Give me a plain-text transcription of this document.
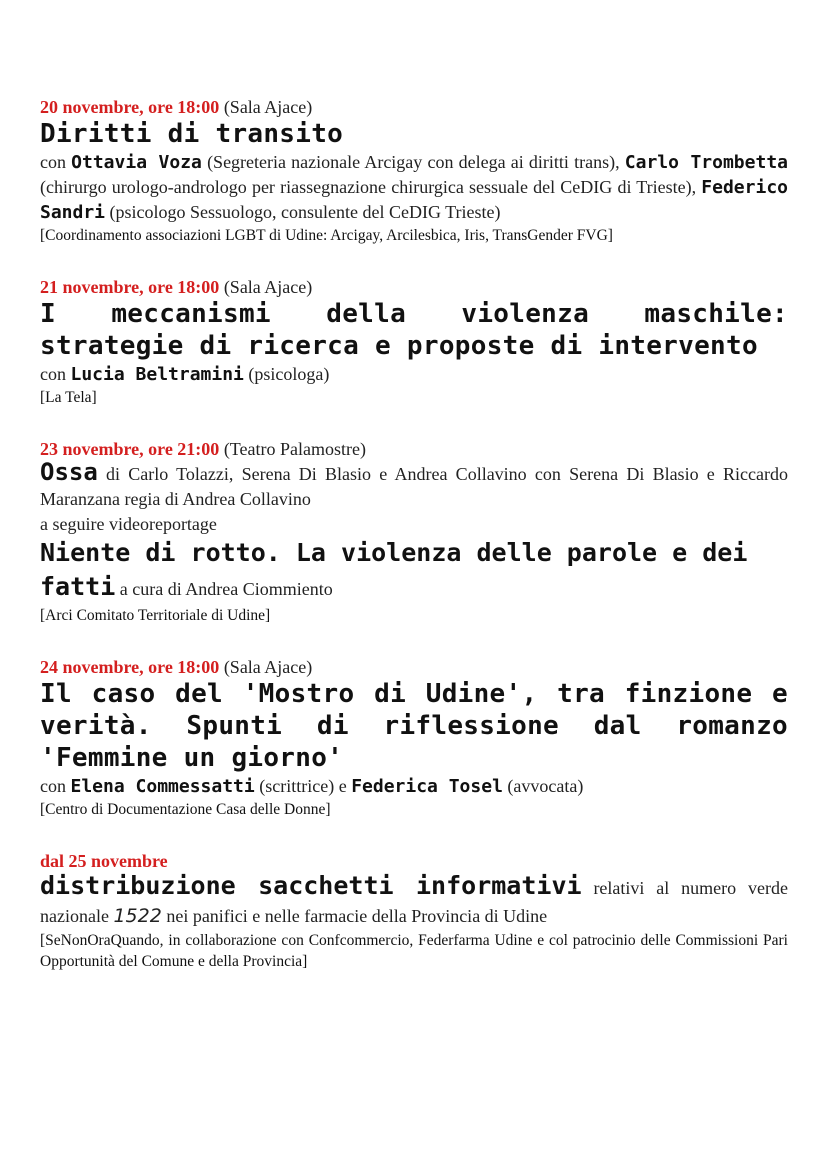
20 novembre, ore 18:00 (Sala Ajace)
Diritti di transito
con Ottavia Voza (Segreteria nazionale Arcigay con delega ai diritti trans), Carlo Trombetta (chirurgo urologo-andrologo per riassegnazione chirurgica sessuale del CeDIG di Trieste), Federico Sandri (psicologo Sessuologo, consulente del CeDIG Trieste)
[Coordinamento associazioni LGBT di Udine: Arcigay, Arcilesbica, Iris, TransGender FVG]
21 novembre, ore 18:00 (Sala Ajace)
I meccanismi della violenza maschile: strategie di ricerca e proposte di intervento
con Lucia Beltramini (psicologa)
[La Tela]
23 novembre, ore 21:00 (Teatro Palamostre)
Ossa di Carlo Tolazzi, Serena Di Blasio e Andrea Collavino con Serena Di Blasio e Riccardo Maranzana regia di Andrea Collavino
a seguire videoreportage
Niente di rotto. La violenza delle parole e dei fatti a cura di Andrea Ciommiento
[Arci Comitato Territoriale di Udine]
24 novembre, ore 18:00 (Sala Ajace)
Il caso del 'Mostro di Udine', tra finzione e verità. Spunti di riflessione dal romanzo 'Femmine un giorno'
con Elena Commessatti (scrittrice) e Federica Tosel (avvocata)
[Centro di Documentazione Casa delle Donne]
dal 25 novembre
distribuzione sacchetti informativi relativi al numero verde nazionale 1522 nei panifici e nelle farmacie della Provincia di Udine
[SeNonOraQuando, in collaborazione con Confcommercio, Federfarma Udine e col patrocinio delle Commissioni Pari Opportunità del Comune e della Provincia]
